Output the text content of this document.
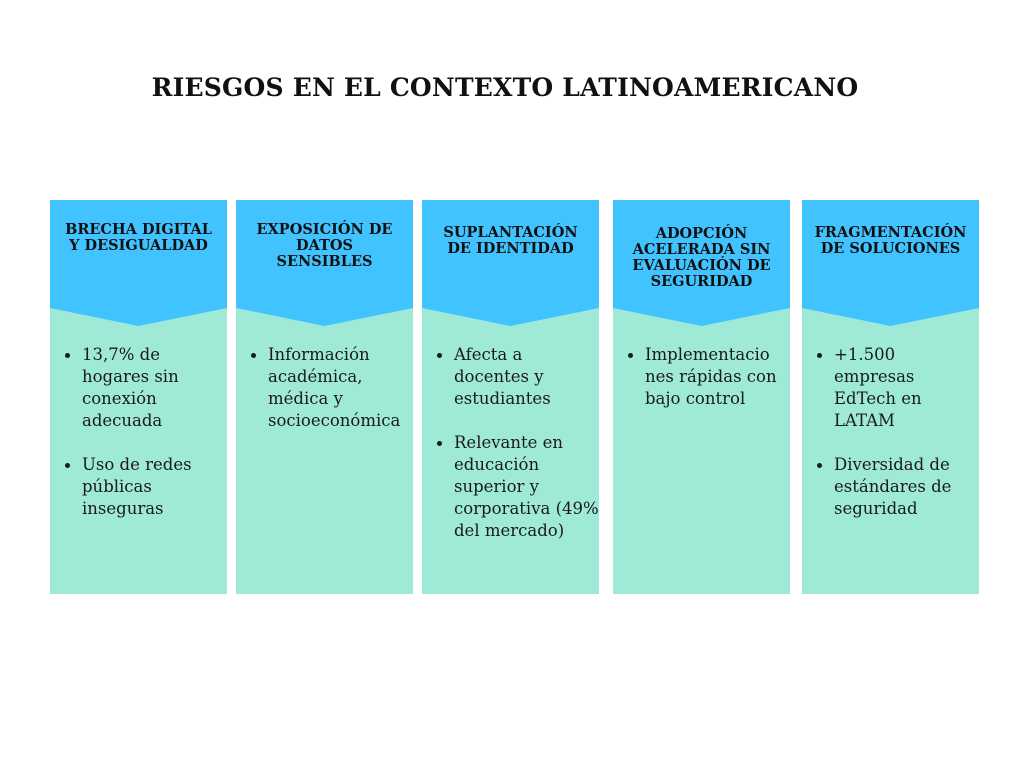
RIESGOS EN EL CONTEXTO LATINOAMERICANO
BRECHA DIGITAL
Y DESIGUALDAD
13,7% de
hogares sin
conexión
adecuada
Uso de redes
públicas
inseguras
EXPOSICIÓN DE
DATOS
SENSIBLES
Información
académica,
médica y
socioeconómica
SUPLANTACIÓN
DE IDENTIDAD
Afecta a
docentes y
estudiantes
Relevante en
educación
superior y
corporativa (49%
del mercado)
ADOPCIÓN
ACELERADA SIN
EVALUACIÓN DE
SEGURIDAD
Implementacio
nes rápidas con
bajo control
FRAGMENTACIÓN
DE SOLUCIONES
+1.500
empresas
EdTech en
LATAM
Diversidad de
estándares de
seguridad
